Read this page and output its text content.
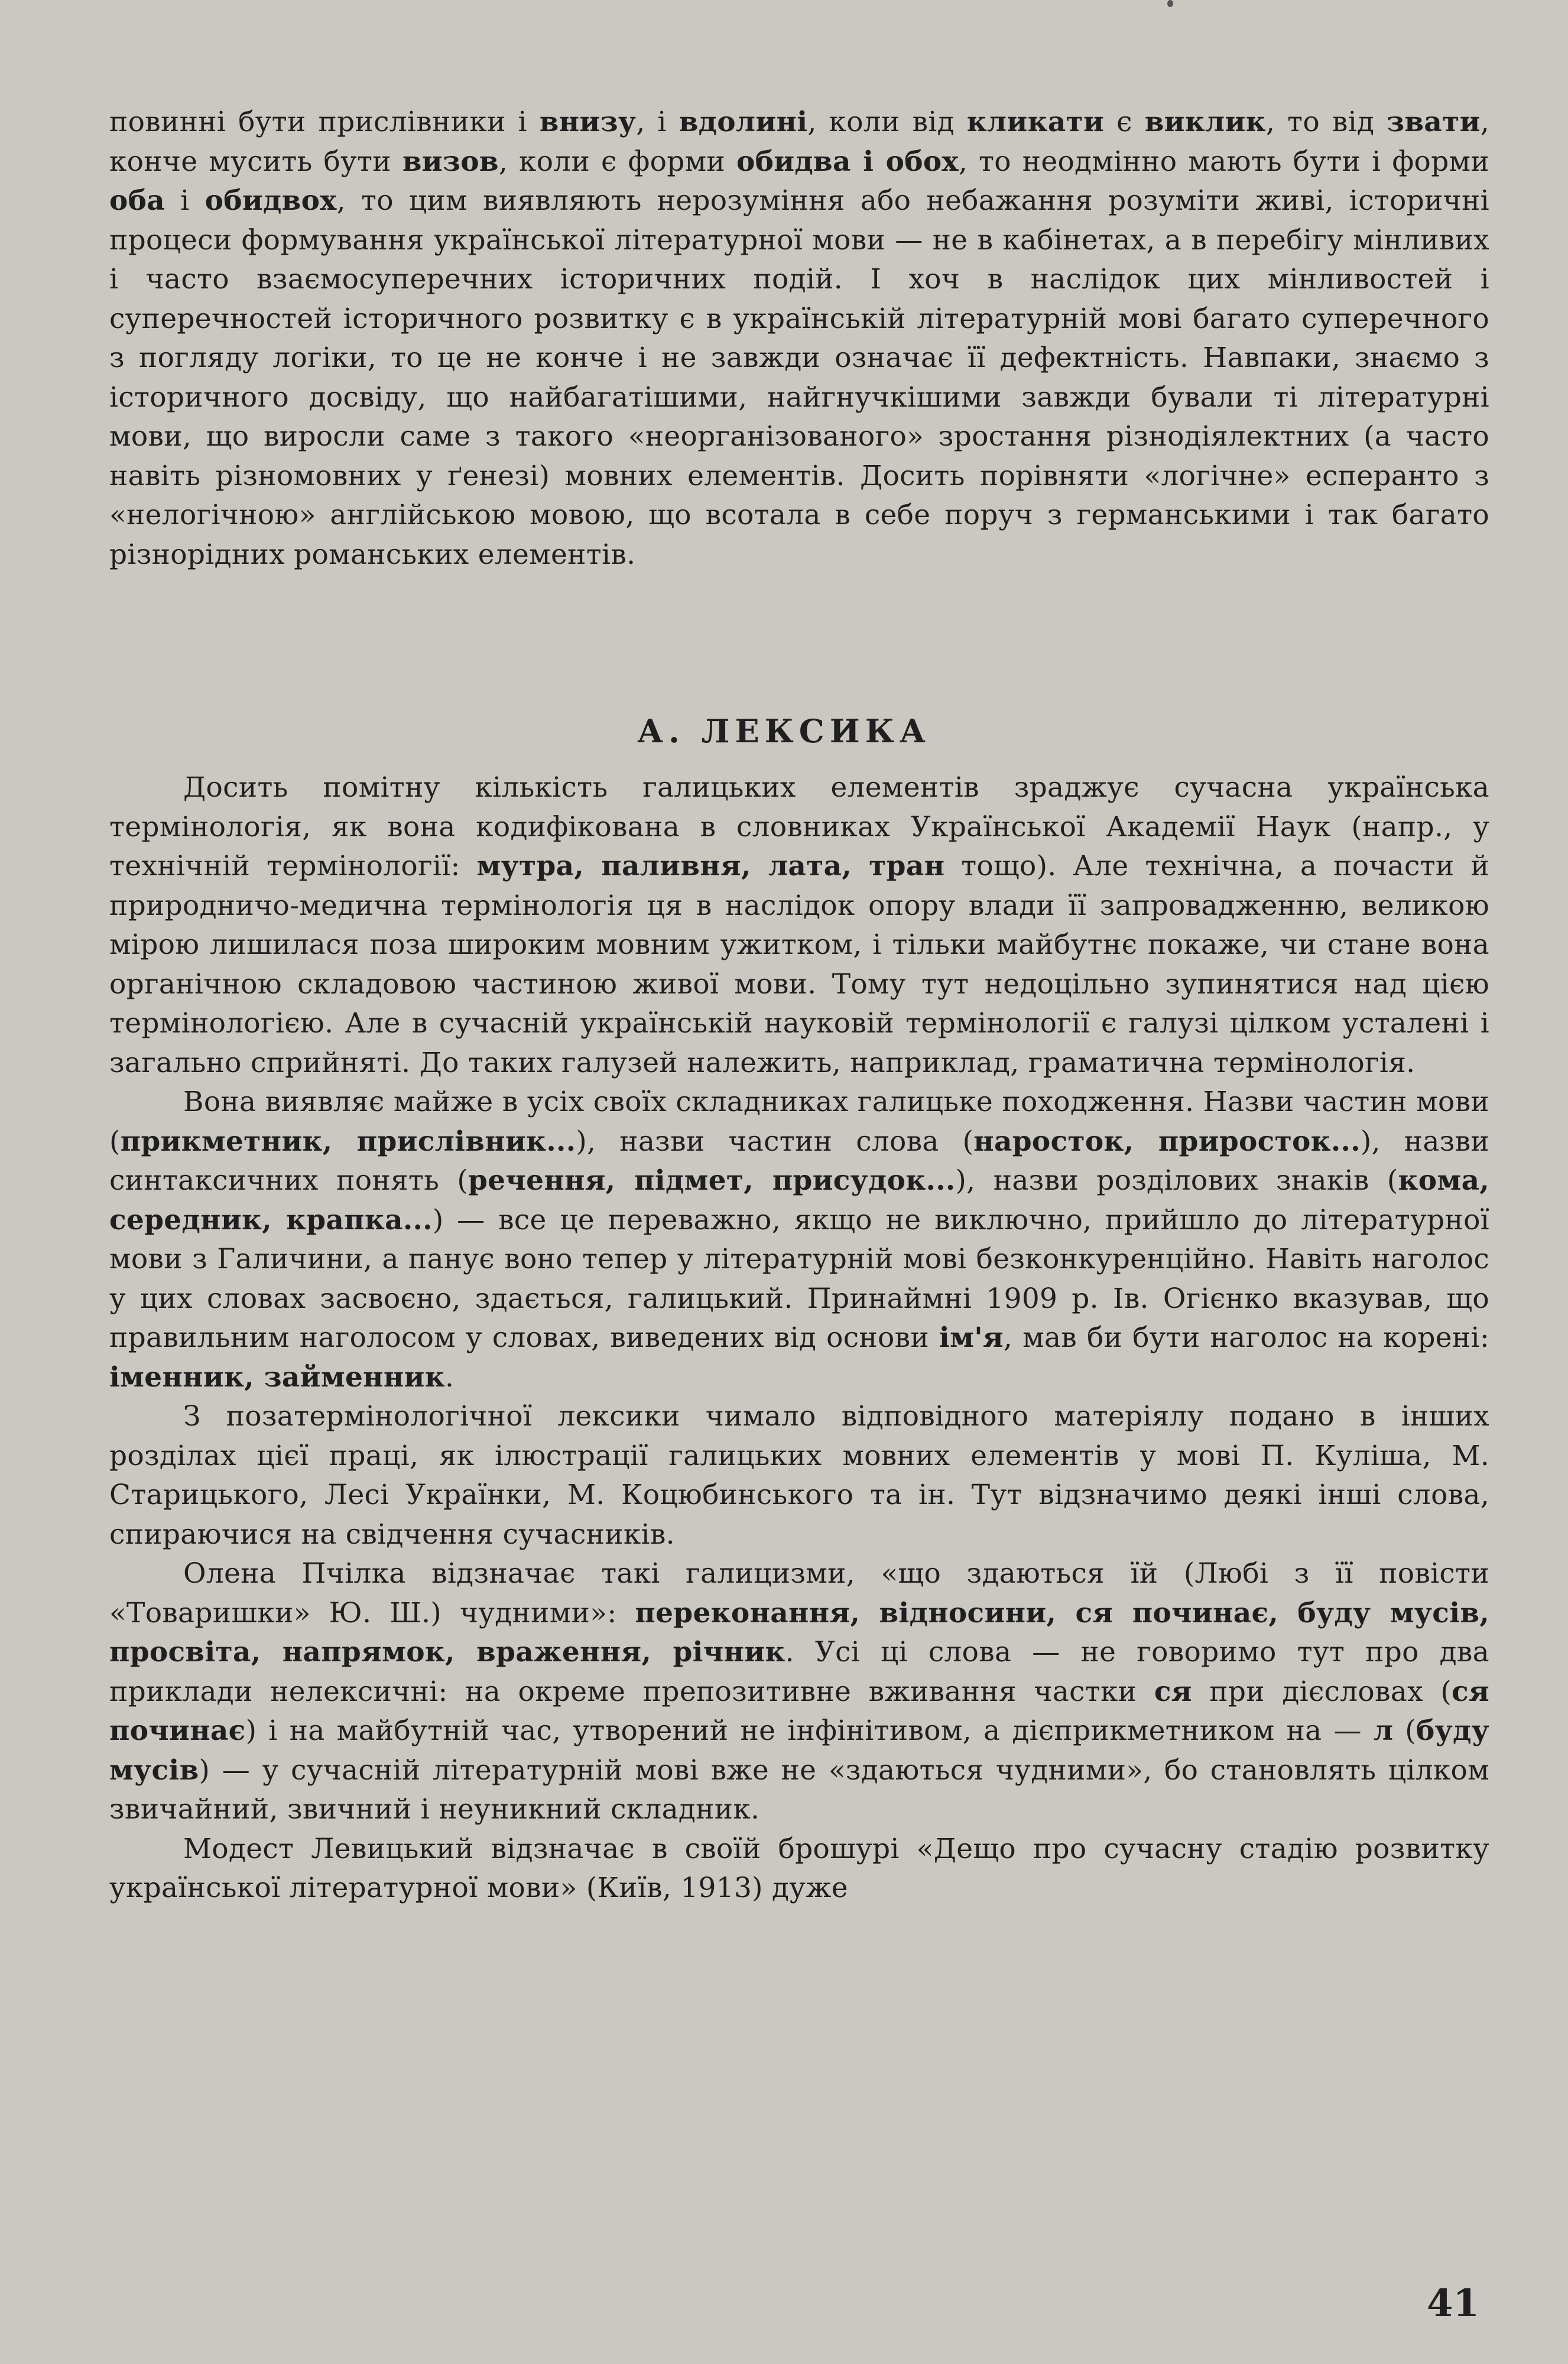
повинні бути прислівники і внизу, і вдолині, коли від кликати є виклик, то від звати, конче мусить бути визов, коли є форми обидва і обох, то неодмінно мають бути і форми оба і обидвох, то цим виявляють нерозуміння або небажання розуміти живі, історичні процеси формування української літературної мови — не в кабінетах, а в перебігу мінливих і часто взаємосуперечних історичних подій. І хоч в наслідок цих мінливостей і суперечностей історичного розвитку є в українській літературній мові багато суперечного з погляду логіки, то це не конче і не завжди означає її дефектність. Навпаки, знаємо з історичного досвіду, що найбагатішими, найгнучкішими завжди бували ті літературні мови, що виросли саме з такого «неорганізованого» зростання різнодіялектних (а часто навіть різномовних у ґенезі) мовних елементів. Досить порівняти «логічне» есперанто з «нелогічною» англійською мовою, що всотала в себе поруч з германськими і так багато різнорідних романських елементів.

А. ЛЕКСИКА

Досить помітну кількість галицьких елементів зраджує сучасна українська термінологія, як вона кодифікована в словниках Української Академії Наук (напр., у технічній термінології: мутра, паливня, лата, тран тощо). Але технічна, а почасти й природничо-медична термінологія ця в наслідок опору влади її запровадженню, великою мірою лишилася поза широким мовним ужитком, і тільки майбутнє покаже, чи стане вона органічною складовою частиною живої мови. Тому тут недоцільно зупинятися над цією термінологією. Але в сучасній українській науковій термінології є галузі цілком усталені і загально сприйняті. До таких галузей належить, наприклад, граматична термінологія.

Вона виявляє майже в усіх своїх складниках галицьке походження. Назви частин мови (прикметник, прислівник...), назви частин слова (наросток, приросток...), назви синтаксичних понять (речення, підмет, присудок...), назви розділових знаків (кома, середник, крапка...) — все це переважно, якщо не виключно, прийшло до літературної мови з Галичини, а панує воно тепер у літературній мові безконкуренційно. Навіть наголос у цих словах засвоєно, здається, галицький. Принаймні 1909 р. Ів. Огієнко вказував, що правильним наголосом у словах, виведених від основи ім'я, мав би бути наголос на корені: іменник, займенник.

З позатермінологічної лексики чимало відповідного матеріялу подано в інших розділах цієї праці, як ілюстрації галицьких мовних елементів у мові П. Куліша, М. Старицького, Лесі Українки, М. Коцюбинського та ін. Тут відзначимо деякі інші слова, спираючися на свідчення сучасників.

Олена Пчілка відзначає такі галицизми, «що здаються їй (Любі з її повісти «Товаришки» Ю. Ш.) чудними»: переконання, відносини, ся починає, буду мусів, просвіта, напрямок, враження, річник. Усі ці слова — не говоримо тут про два приклади нелексичні: на окреме препозитивне вживання частки ся при дієсловах (ся починає) і на майбутній час, утворений не інфінітивом, а дієприкметником на — л (буду мусів) — у сучасній літературній мові вже не «здаються чудними», бо становлять цілком звичайний, звичний і неуникний складник.

Модест Левицький відзначає в своїй брошурі «Дещо про сучасну стадію розвитку української літературної мови» (Київ, 1913) дуже

41
